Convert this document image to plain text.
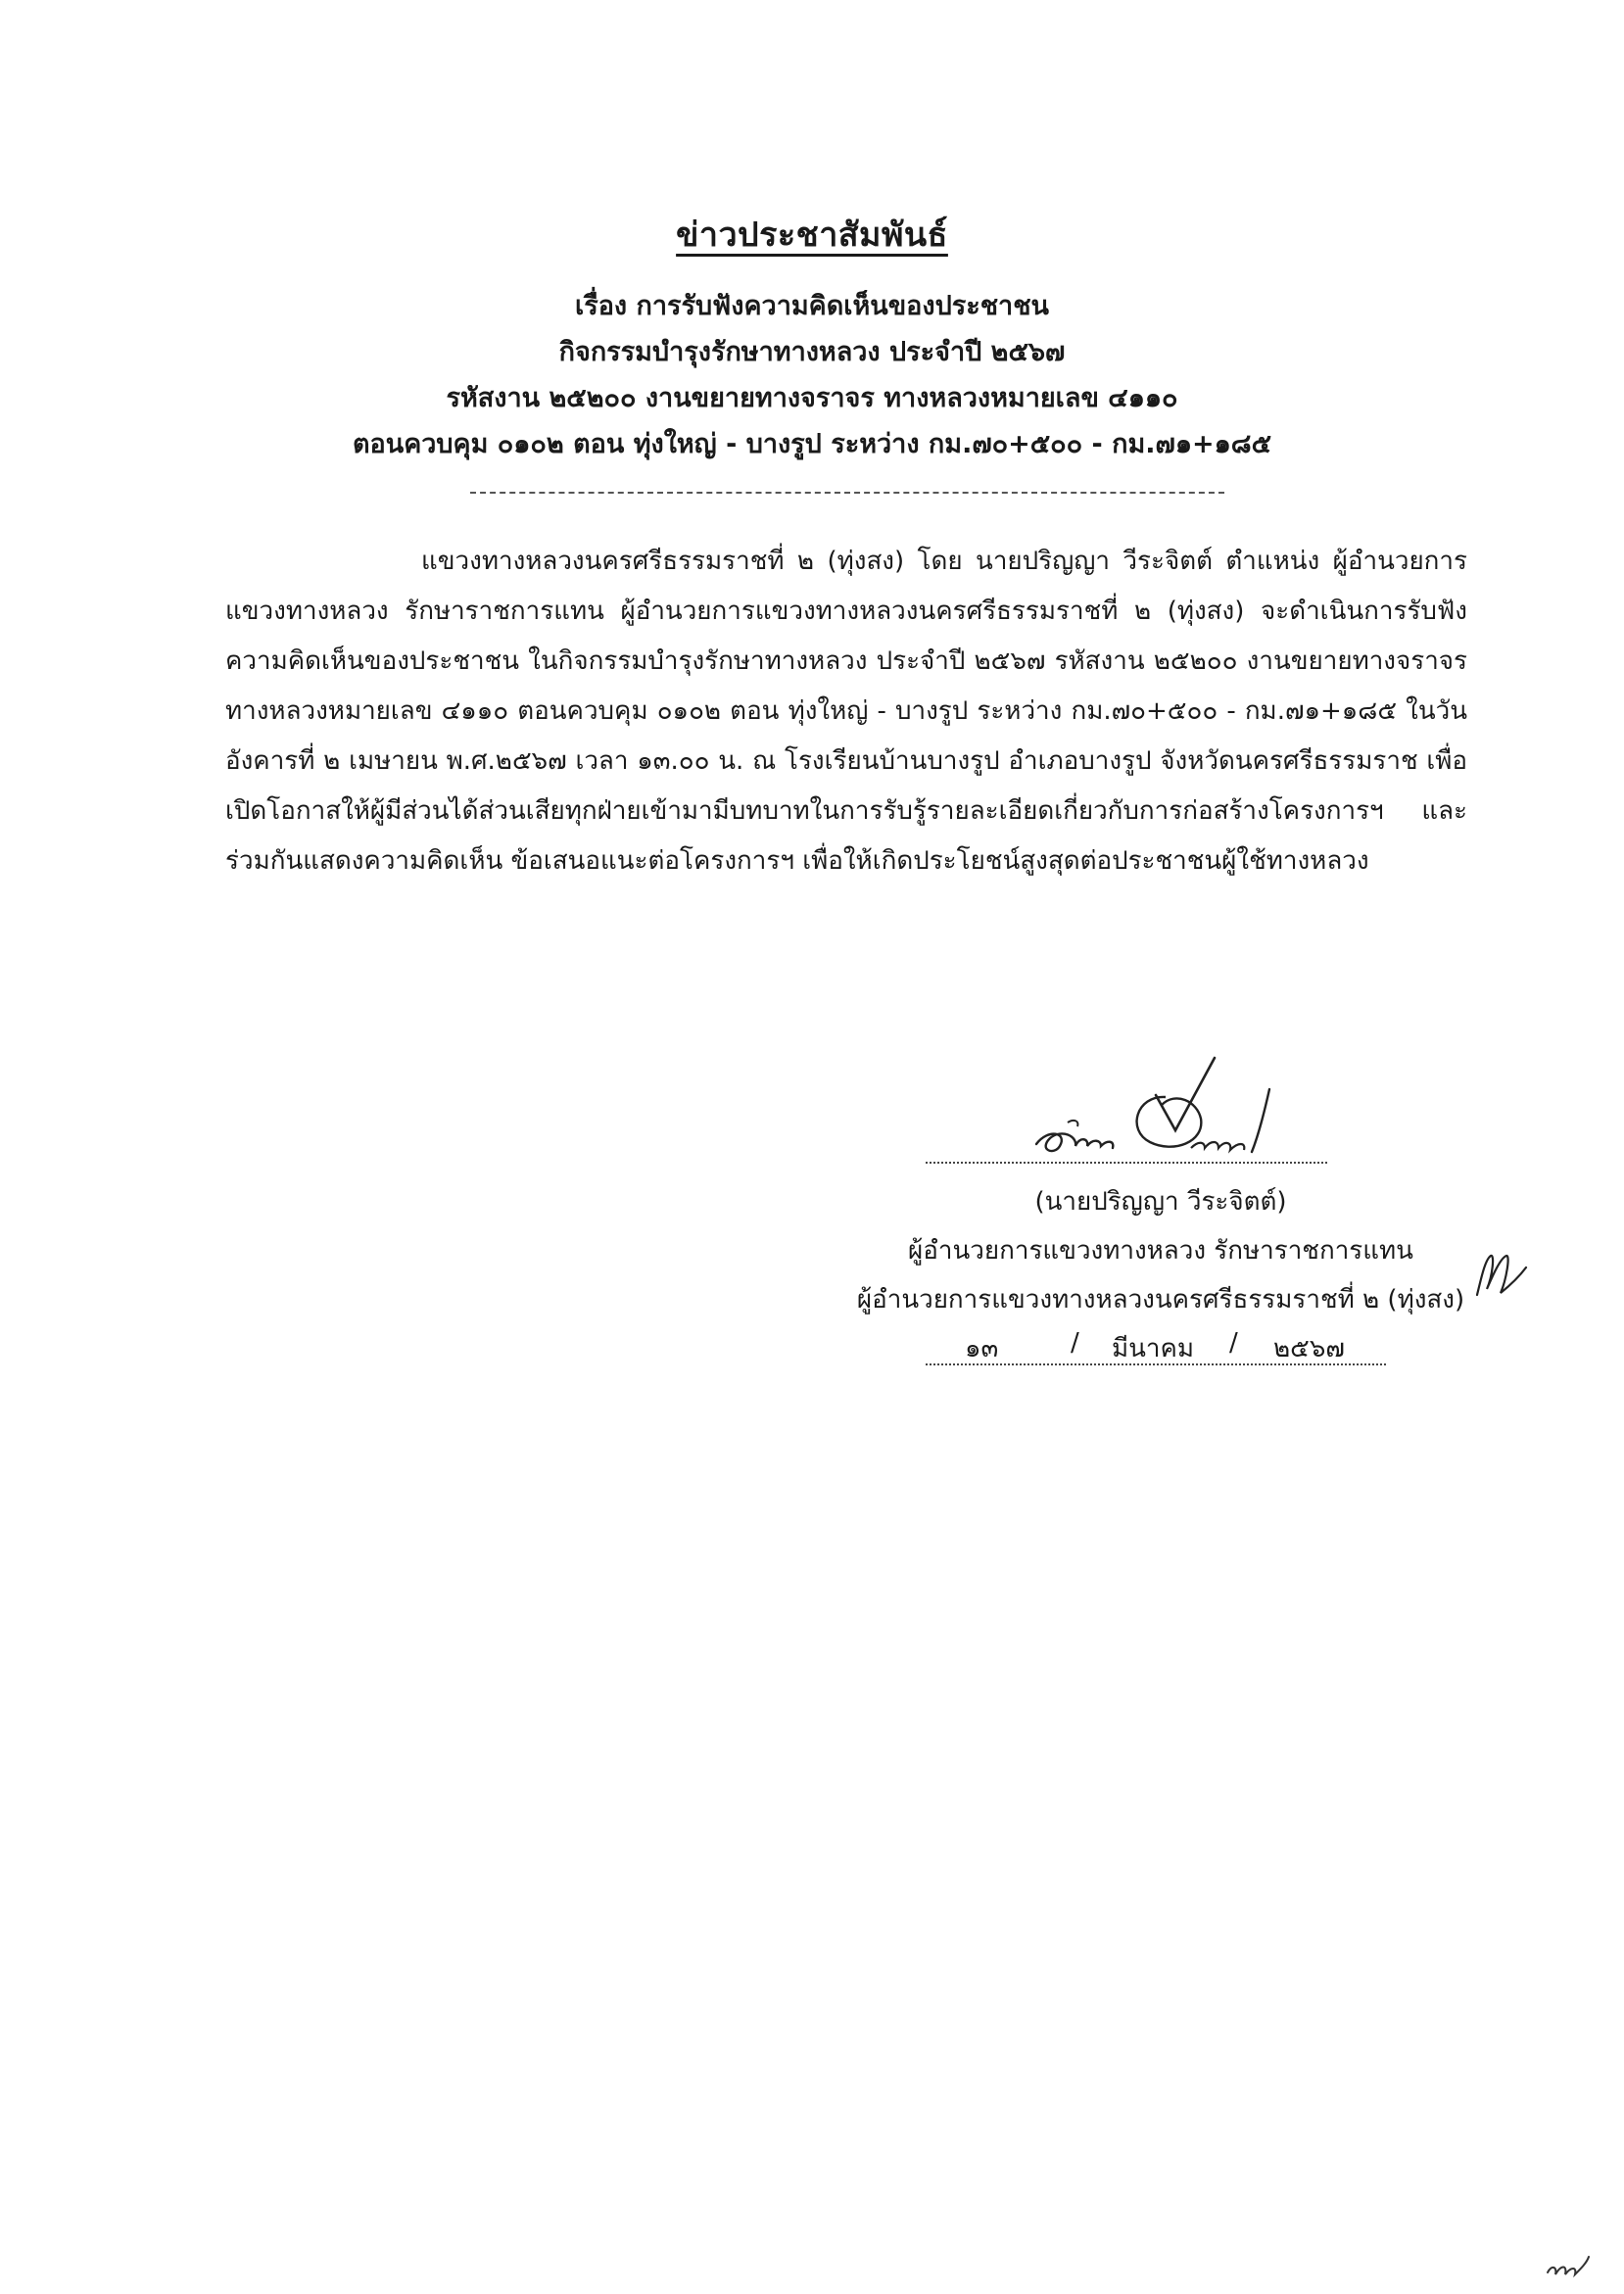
ข่าวประชาสัมพันธ์
เรื่อง การรับฟังความคิดเห็นของประชาชน
กิจกรรมบำรุงรักษาทางหลวง ประจำปี ๒๕๖๗
รหัสงาน ๒๕๒๐๐ งานขยายทางจราจร ทางหลวงหมายเลข ๔๑๑๐
ตอนควบคุม ๐๑๐๒ ตอน ทุ่งใหญ่ - บางรูป ระหว่าง กม.๗๐+๕๐๐ - กม.๗๑+๑๘๕
แขวงทางหลวงนครศรีธรรมราชที่ ๒ (ทุ่งสง) โดย นายปริญญา วีระจิตต์ ตำแหน่ง ผู้อำนวยการแขวงทางหลวง รักษาราชการแทน ผู้อำนวยการแขวงทางหลวงนครศรีธรรมราชที่ ๒ (ทุ่งสง) จะดำเนินการรับฟังความคิดเห็นของประชาชน ในกิจกรรมบำรุงรักษาทางหลวง ประจำปี ๒๕๖๗ รหัสงาน ๒๕๒๐๐ งานขยายทางจราจร ทางหลวงหมายเลข ๔๑๑๐ ตอนควบคุม ๐๑๐๒ ตอน ทุ่งใหญ่ - บางรูป ระหว่าง กม.๗๐+๕๐๐ - กม.๗๑+๑๘๕ ในวันอังคารที่ ๒ เมษายน พ.ศ.๒๕๖๗ เวลา ๑๓.๐๐ น. ณ โรงเรียนบ้านบางรูป อำเภอบางรูป จังหวัดนครศรีธรรมราช เพื่อเปิดโอกาสให้ผู้มีส่วนได้ส่วนเสียทุกฝ่ายเข้ามามีบทบาทในการรับรู้รายละเอียดเกี่ยวกับการก่อสร้างโครงการฯ และร่วมกันแสดงความคิดเห็น ข้อเสนอแนะต่อโครงการฯ เพื่อให้เกิดประโยชน์สูงสุดต่อประชาชนผู้ใช้ทางหลวง
(นายปริญญา วีระจิตต์)
ผู้อำนวยการแขวงทางหลวง รักษาราชการแทน
ผู้อำนวยการแขวงทางหลวงนครศรีธรรมราชที่ ๒ (ทุ่งสง)
๑๓	/ มีนาคม / ๒๕๖๗
